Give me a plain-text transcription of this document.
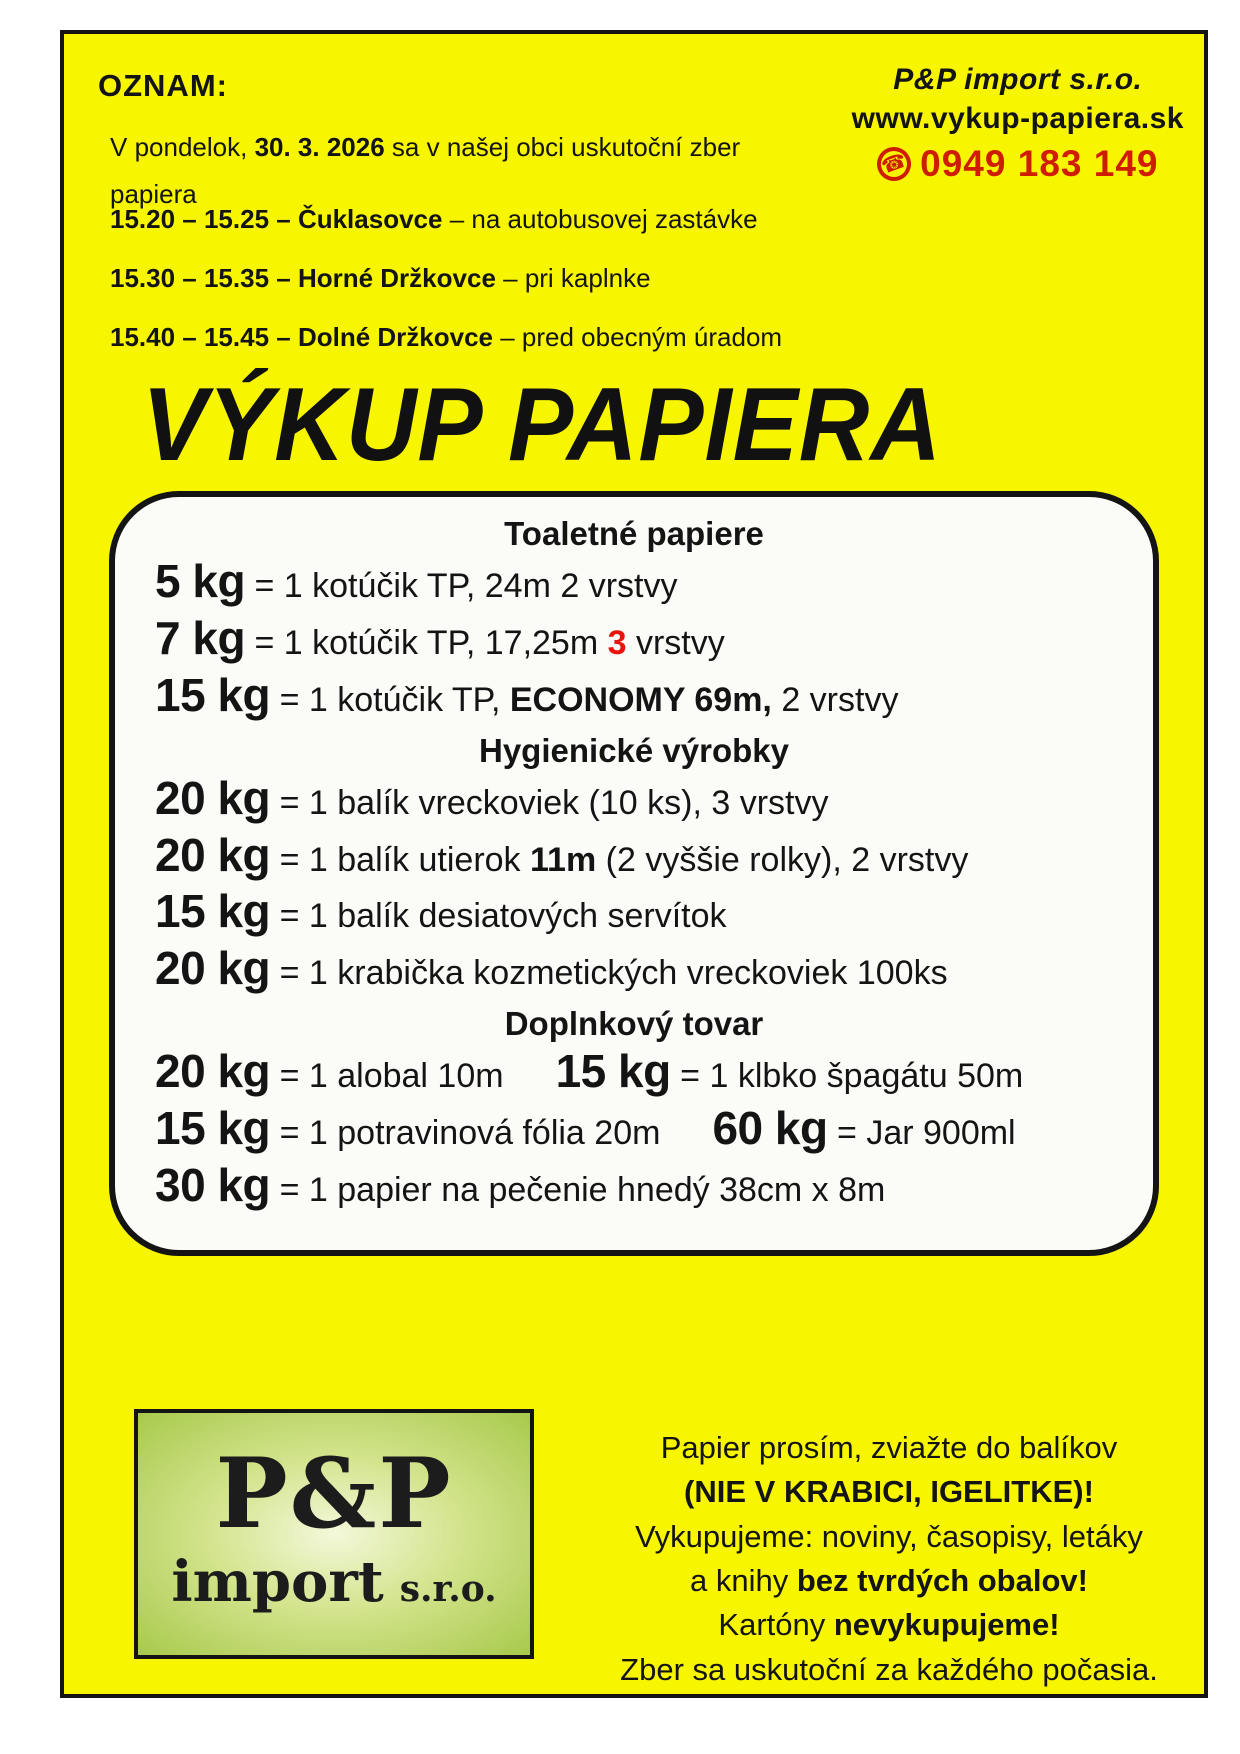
OZNAM:	P&P import s.r.o.
www.vykup-papiera.sk
☎ 0949 183 149
V pondelok, 30. 3. 2026 sa v našej obci uskutoční zber papiera
15.20 – 15.25 – Čuklasovce – na autobusovej zastávke
15.30 – 15.35 – Horné Držkovce – pri kaplnke
15.40 – 15.45 – Dolné Držkovce – pred obecným úradom
VÝKUP PAPIERA
Toaletné papiere
5 kg = 1 kotúčik TP, 24m 2 vrstvy
7 kg = 1 kotúčik TP, 17,25m 3 vrstvy
15 kg = 1 kotúčik TP, ECONOMY 69m, 2 vrstvy
Hygienické výrobky
20 kg = 1 balík vreckoviek (10 ks), 3 vrstvy
20 kg = 1 balík utierok 11m (2 vyššie rolky), 2 vrstvy
15 kg = 1 balík desiatových servítok
20 kg = 1 krabička kozmetických vreckoviek 100ks
Doplnkový tovar
20 kg = 1 alobal 10m 15 kg = 1 klbko špagátu 50m
15 kg = 1 potravinová fólia 20m 60 kg = Jar 900ml
30 kg = 1 papier na pečenie hnedý 38cm x 8m
P&P
import s.r.o.
Papier prosím, zviažte do balíkov
(NIE V KRABICI, IGELITKE)!
Vykupujeme: noviny, časopisy, letáky
a knihy bez tvrdých obalov!
Kartóny nevykupujeme!
Zber sa uskutoční za každého počasia.
